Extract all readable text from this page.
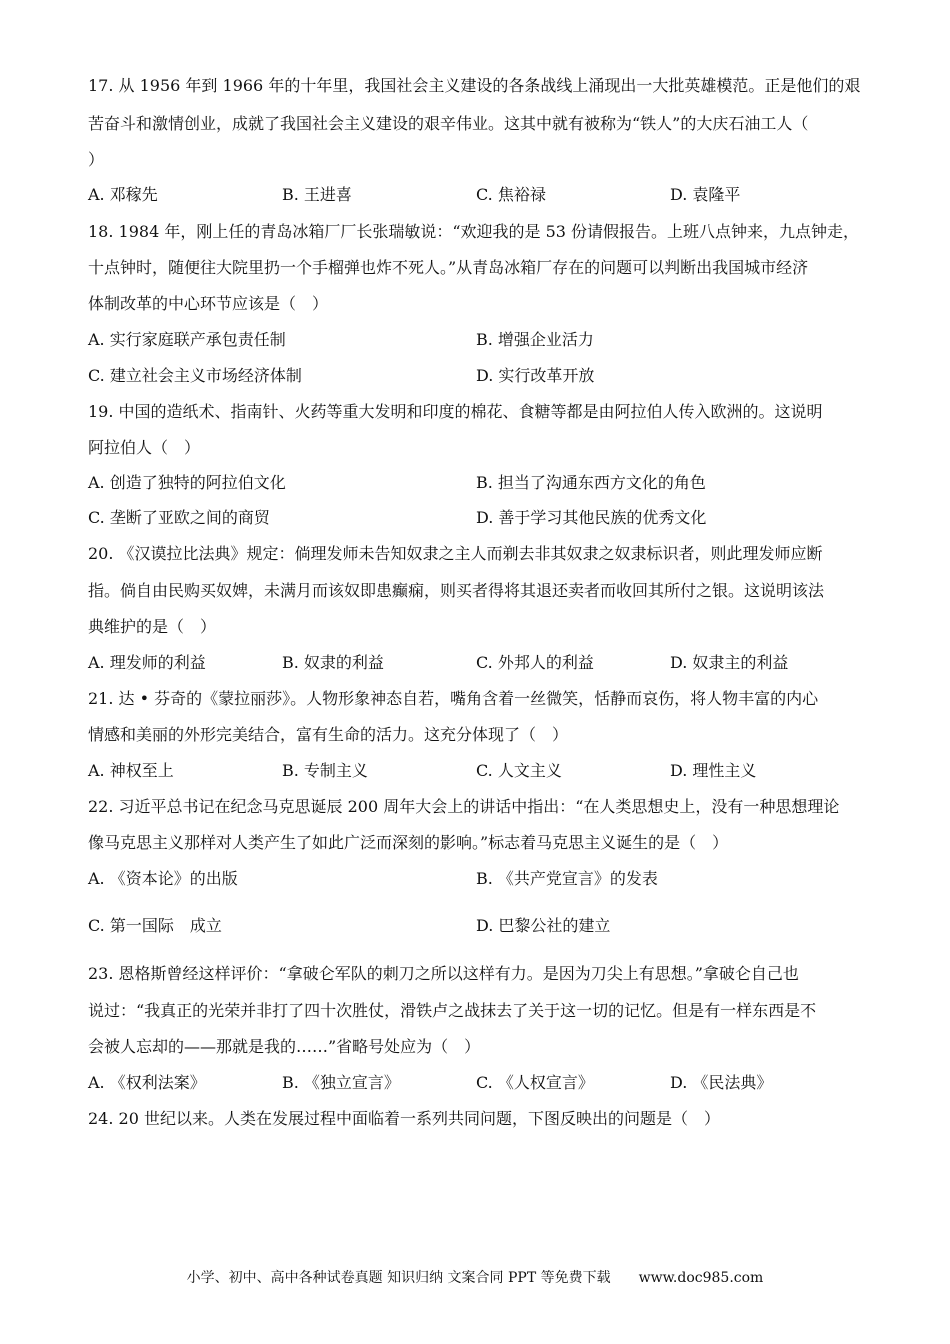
17. 从 1956 年到 1966 年的十年里，我国社会主义建设的各条战线上涌现出一大批英雄模范。正是他们的艰
苦奋斗和激情创业，成就了我国社会主义建设的艰辛伟业。这其中就有被称为“铁人”的大庆石油工人（
）
A. 邓稼先	B. 王进喜	C. 焦裕禄	D. 袁隆平
18. 1984 年，刚上任的青岛冰箱厂厂长张瑞敏说：“欢迎我的是 53 份请假报告。上班八点钟来，九点钟走，
十点钟时，随便往大院里扔一个手榴弹也炸不死人。”从青岛冰箱厂存在的问题可以判断出我国城市经济
体制改革的中心环节应该是（　）
A. 实行家庭联产承包责任制	B. 增强企业活力
C. 建立社会主义市场经济体制	D. 实行改革开放
19. 中国的造纸术、指南针、火药等重大发明和印度的棉花、食糖等都是由阿拉伯人传入欧洲的。这说明
阿拉伯人（　）
A. 创造了独特的阿拉伯文化	B. 担当了沟通东西方文化的角色
C. 垄断了亚欧之间的商贸	D. 善于学习其他民族的优秀文化
20. 《汉谟拉比法典》规定：倘理发师未告知奴隶之主人而剃去非其奴隶之奴隶标识者，则此理发师应断
指。倘自由民购买奴婢，未满月而该奴即患癫痫，则买者得将其退还卖者而收回其所付之银。这说明该法
典维护的是（　）
A. 理发师的利益	B. 奴隶的利益	C. 外邦人的利益	D. 奴隶主的利益
21. 达 • 芬奇的《蒙拉丽莎》。人物形象神态自若，嘴角含着一丝微笑，恬静而哀伤，将人物丰富的内心
情感和美丽的外形完美结合，富有生命的活力。这充分体现了（　）
A. 神权至上	B. 专制主义	C. 人文主义	D. 理性主义
22. 习近平总书记在纪念马克思诞辰 200 周年大会上的讲话中指出：“在人类思想史上，没有一种思想理论
像马克思主义那样对人类产生了如此广泛而深刻的影响。”标志着马克思主义诞生的是（　）
A. 《资本论》的出版	B. 《共产党宣言》的发表
C. 第一国际　成立	D. 巴黎公社的建立
23. 恩格斯曾经这样评价：“拿破仑军队的刺刀之所以这样有力。是因为刀尖上有思想。”拿破仑自己也
说过：“我真正的光荣并非打了四十次胜仗，滑铁卢之战抹去了关于这一切的记忆。但是有一样东西是不
会被人忘却的——那就是我的……”省略号处应为（　）
A. 《权利法案》	B. 《独立宣言》	C. 《人权宣言》	D. 《民法典》
24. 20 世纪以来。人类在发展过程中面临着一系列共同问题，下图反映出的问题是（　）
小学、初中、高中各种试卷真题 知识归纳 文案合同 PPT 等免费下载　　www.doc985.com
